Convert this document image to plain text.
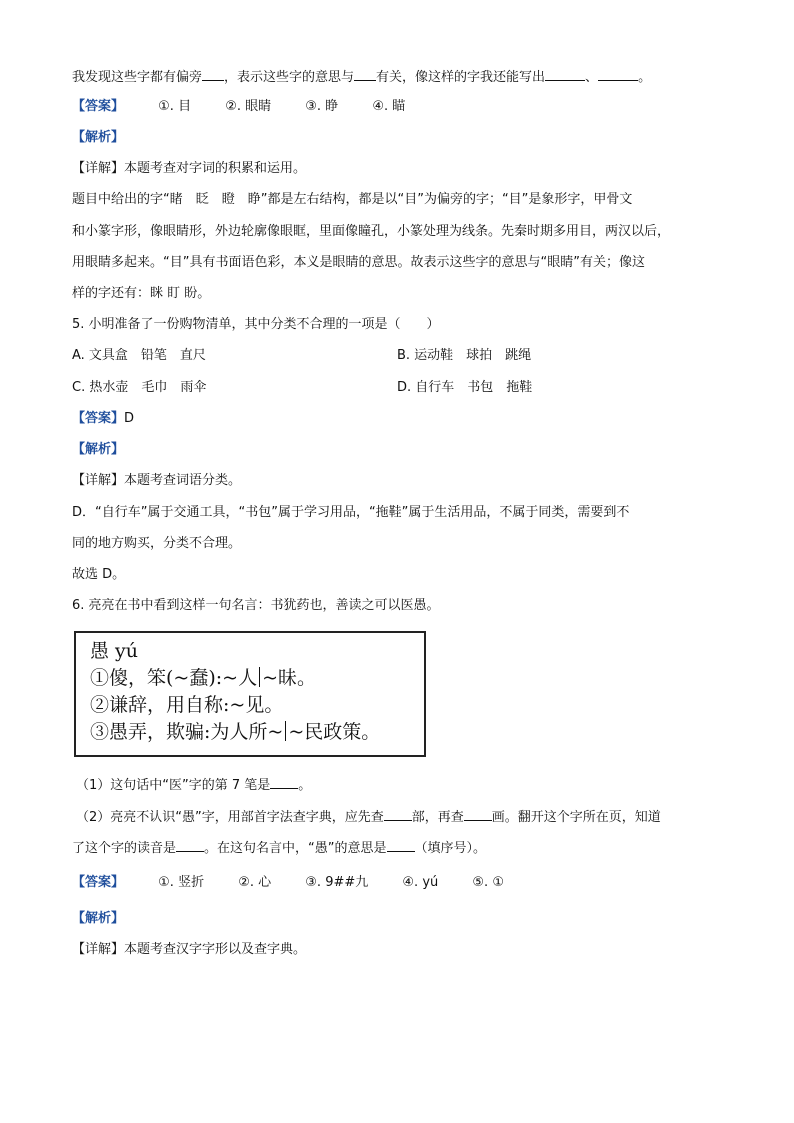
我发现这些字都有偏旁 ，表示这些字的意思与 有关，像这样的字我还能写出	、	。
【答案】	①. 目	②. 眼睛	③. 睁	④. 瞄
【解析】
【详解】本题考查对字词的积累和运用。
题目中给出的字“睹　眨　瞪　睁”都是左右结构，都是以“目”为偏旁的字；“目”是象形字，甲骨文
和小篆字形，像眼睛形，外边轮廓像眼眶，里面像瞳孔，小篆处理为线条。先秦时期多用目，两汉以后，
用眼睛多起来。“目”具有书面语色彩，本义是眼睛的意思。故表示这些字的意思与“眼睛”有关；像这
样的字还有：眯 盯 盼。
5. 小明准备了一份购物清单，其中分类不合理的一项是（　　）
A. 文具盒　铅笔　直尺	B. 运动鞋　球拍　跳绳
C. 热水壶　毛巾　雨伞	D. 自行车　书包　拖鞋
【答案】D
【解析】
【详解】本题考查词语分类。
D．“自行车”属于交通工具，“书包”属于学习用品，“拖鞋”属于生活用品，不属于同类，需要到不
同的地方购买，分类不合理。
故选 D。
6. 亮亮在书中看到这样一句名言：书犹药也，善读之可以医愚。
愚 yú
①傻，笨(~蠢):~人 ~昧。
②谦辞，用自称:~见。
③愚弄，欺骗:为人所~ ~民政策。
（1）这句话中“医”字的第 7 笔是 。
（2）亮亮不认识“愚”字，用部首字法查字典，应先查 部，再查 画。翻开这个字所在页，知道
了这个字的读音是 。在这句名言中，“愚”的意思是 （填序号）。
【答案】	①. 竖折	②. 心	③. 9##九	④. yú	⑤. ①
【解析】
【详解】本题考查汉字字形以及查字典。
